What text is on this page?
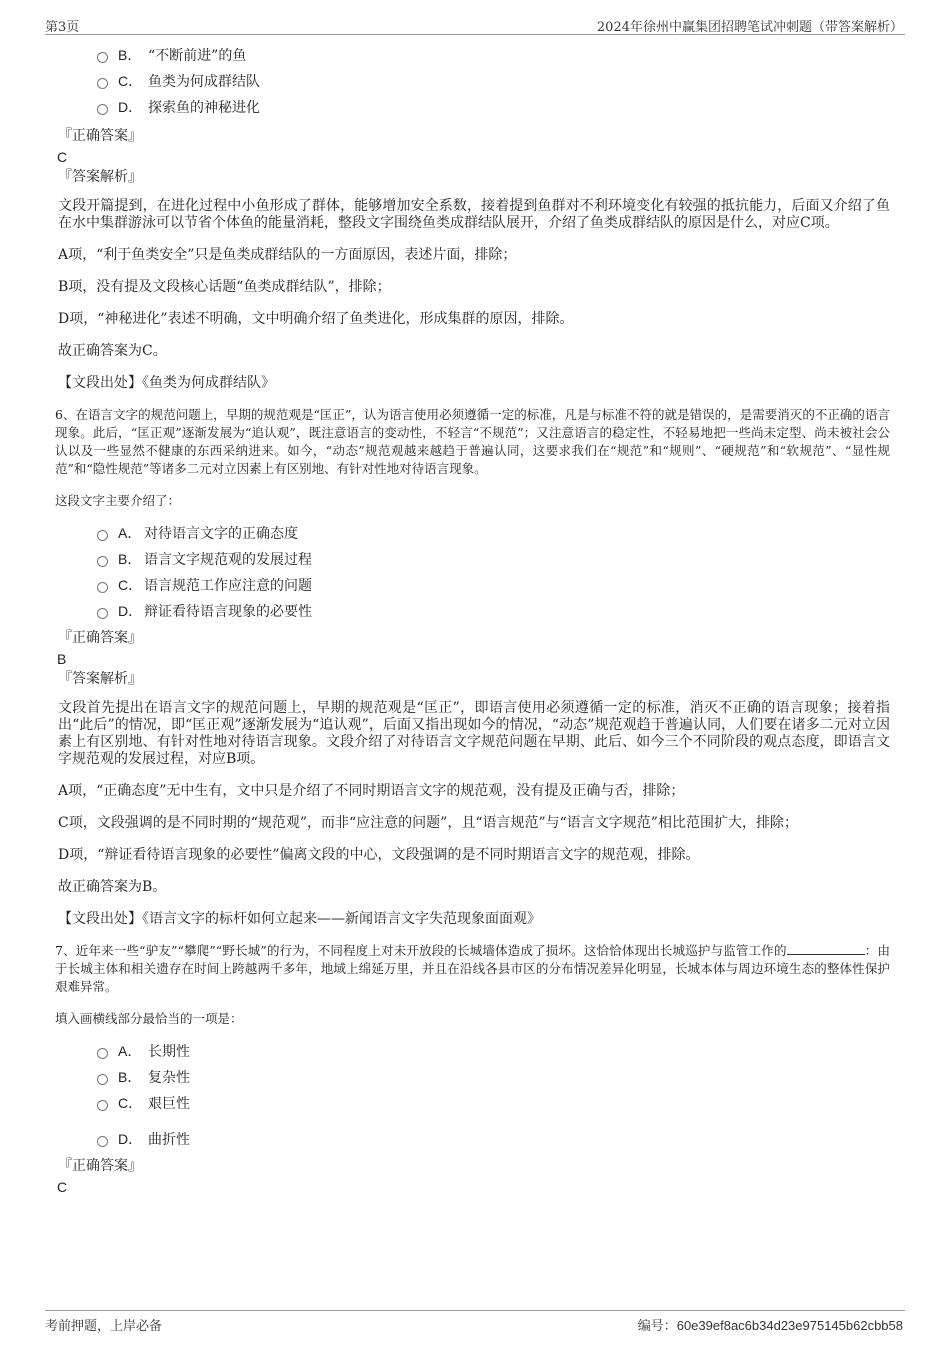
第3页	2024年徐州中赢集团招聘笔试冲刺题（带答案解析）
B． “不断前进”的鱼
C． 鱼类为何成群结队
D． 探索鱼的神秘进化
『正确答案』
C
『答案解析』
文段开篇提到，在进化过程中小鱼形成了群体，能够增加安全系数，接着提到鱼群对不利环境变化有较强的抵抗能力，后面又介绍了鱼在水中集群游泳可以节省个体鱼的能量消耗，整段文字围绕鱼类成群结队展开，介绍了鱼类成群结队的原因是什么，对应C项。
A项，“利于鱼类安全”只是鱼类成群结队的一方面原因，表述片面，排除；
B项，没有提及文段核心话题“鱼类成群结队”，排除；
D项，“神秘进化”表述不明确，文中明确介绍了鱼类进化，形成集群的原因，排除。
故正确答案为C。
【文段出处】《鱼类为何成群结队》
6、在语言文字的规范问题上，早期的规范观是“匡正”，认为语言使用必须遵循一定的标准，凡是与标准不符的就是错误的，是需要消灭的不正确的语言现象。此后，“匡正观”逐渐发展为“追认观”，既注意语言的变动性，不轻言“不规范”；又注意语言的稳定性，不轻易地把一些尚未定型、尚未被社会公认以及一些显然不健康的东西采纳进来。如今，“动态”规范观越来越趋于普遍认同，这要求我们在“规范”和“规则”、“硬规范”和“软规范”、“显性规范”和“隐性规范”等诸多二元对立因素上有区别地、有针对性地对待语言现象。
这段文字主要介绍了：
A． 对待语言文字的正确态度
B． 语言文字规范观的发展过程
C． 语言规范工作应注意的问题
D． 辩证看待语言现象的必要性
『正确答案』
B
『答案解析』
文段首先提出在语言文字的规范问题上，早期的规范观是“匡正”，即语言使用必须遵循一定的标准，消灭不正确的语言现象；接着指出“此后”的情况，即“匡正观”逐渐发展为“追认观”，后面又指出现如今的情况，“动态”规范观趋于普遍认同，人们要在诸多二元对立因素上有区别地、有针对性地对待语言现象。文段介绍了对待语言文字规范问题在早期、此后、如今三个不同阶段的观点态度，即语言文字规范观的发展过程，对应B项。
A项，“正确态度”无中生有，文中只是介绍了不同时期语言文字的规范观，没有提及正确与否，排除；
C项，文段强调的是不同时期的“规范观”，而非“应注意的问题”，且“语言规范”与“语言文字规范”相比范围扩大，排除；
D项，“辩证看待语言现象的必要性”偏离文段的中心，文段强调的是不同时期语言文字的规范观，排除。
故正确答案为B。
【文段出处】《语言文字的标杆如何立起来——新闻语言文字失范现象面面观》
7、近年来一些“驴友”“攀爬”“野长城”的行为，不同程度上对未开放段的长城墙体造成了损坏。这恰恰体现出长城巡护与监管工作的	：由于长城主体和相关遗存在时间上跨越两千多年，地域上绵延万里，并且在沿线各县市区的分布情况差异化明显，长城本体与周边环境生态的整体性保护艰难异常。
填入画横线部分最恰当的一项是：
A． 长期性
B． 复杂性
C． 艰巨性
D． 曲折性
『正确答案』
C
考前押题，上岸必备	编号：60e39ef8ac6b34d23e975145b62cbb58
